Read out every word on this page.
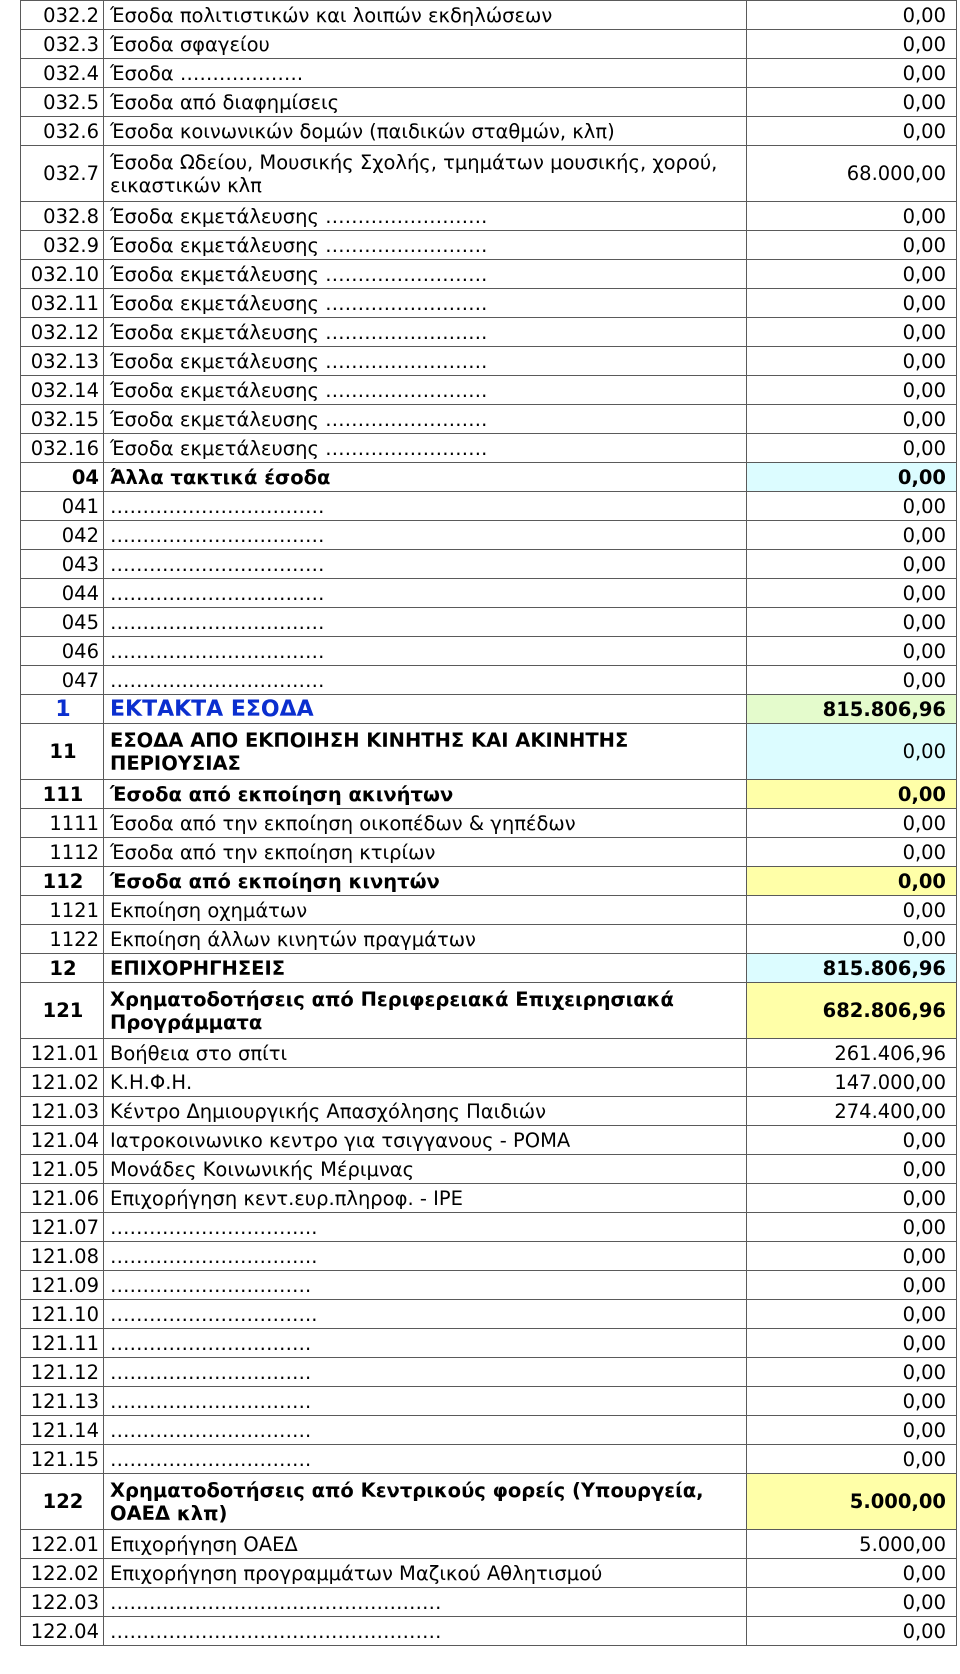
032.2	Έσοδα πολιτιστικών και λοιπών εκδηλώσεων	0,00
032.3	Έσοδα σφαγείου	0,00
032.4	Έσοδα ……………….	0,00
032.5	Έσοδα από διαφημίσεις	0,00
032.6	Έσοδα κοινωνικών δομών (παιδικών σταθμών, κλπ)	0,00
032.7	Έσοδα Ωδείου, Μουσικής Σχολής, τμημάτων μουσικής, χορού, εικαστικών κλπ	68.000,00
032.8	Έσοδα εκμετάλευσης …………………….	0,00
032.9	Έσοδα εκμετάλευσης …………………….	0,00
032.10	Έσοδα εκμετάλευσης …………………….	0,00
032.11	Έσοδα εκμετάλευσης …………………….	0,00
032.12	Έσοδα εκμετάλευσης …………………….	0,00
032.13	Έσοδα εκμετάλευσης …………………….	0,00
032.14	Έσοδα εκμετάλευσης …………………….	0,00
032.15	Έσοδα εκμετάλευσης …………………….	0,00
032.16	Έσοδα εκμετάλευσης …………………….	0,00
04	Άλλα τακτικά έσοδα	0,00
041	……………………………	0,00
042	……………………………	0,00
043	……………………………	0,00
044	……………………………	0,00
045	……………………………	0,00
046	……………………………	0,00
047	……………………………	0,00
1	ΕΚΤΑΚΤΑ ΕΣΟΔΑ	815.806,96
11	ΕΣΟΔΑ ΑΠΟ ΕΚΠΟΙΗΣΗ ΚΙΝΗΤΗΣ ΚΑΙ ΑΚΙΝΗΤΗΣ ΠΕΡΙΟΥΣΙΑΣ	0,00
111	Έσοδα από εκποίηση ακινήτων	0,00
1111	Έσοδα από την εκποίηση οικοπέδων & γηπέδων	0,00
1112	Έσοδα από την εκποίηση κτιρίων	0,00
112	Έσοδα από εκποίηση κινητών	0,00
1121	Εκποίηση οχημάτων	0,00
1122	Εκποίηση άλλων κινητών πραγμάτων	0,00
12	ΕΠΙΧΟΡΗΓΗΣΕΙΣ	815.806,96
121	Χρηματοδοτήσεις από Περιφερειακά Επιχειρησιακά Προγράμματα	682.806,96
121.01	Βοήθεια στο σπίτι	261.406,96
121.02	Κ.Η.Φ.Η.	147.000,00
121.03	Κέντρο Δημιουργικής Απασχόλησης Παιδιών	274.400,00
121.04	Ιατροκοινωνικο κεντρο για τσιγγανους - ΡΟΜΑ	0,00
121.05	Μονάδες Κοινωνικής Μέριμνας	0,00
121.06	Επιχορήγηση κεντ.ευρ.πληροφ. - IPE	0,00
121.07	…………………………..	0,00
121.08	…………………………..	0,00
121.09	………………………….	0,00
121.10	…………………………..	0,00
121.11	………………………….	0,00
121.12	………………………….	0,00
121.13	………………………….	0,00
121.14	………………………….	0,00
121.15	………………………….	0,00
122	Χρηματοδοτήσεις από Κεντρικούς φορείς (Υπουργεία, ΟΑΕΔ κλπ)	5.000,00
122.01	Επιχορήγηση ΟΑΕΔ	5.000,00
122.02	Επιχορήγηση προγραμμάτων Μαζικού Αθλητισμού	0,00
122.03	……………………………………………	0,00
122.04	……………………………………………	0,00
